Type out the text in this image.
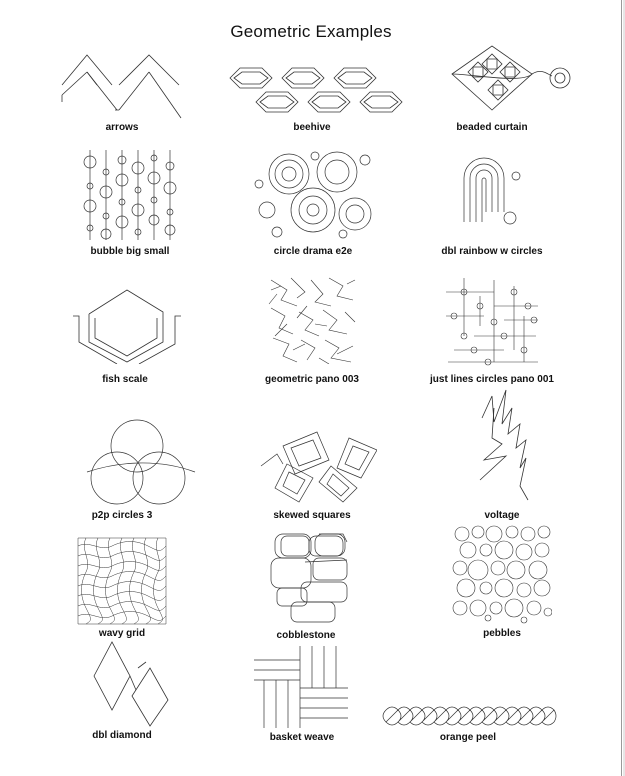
Geometric Examples
arrows	beehive	beaded curtain
bubble big small	circle drama e2e	dbl rainbow w circles
fish scale	geometric pano 003	just lines circles pano 001
p2p circles 3	skewed squares	voltage
wavy grid	cobblestone	pebbles
dbl diamond	basket weave	orange peel
